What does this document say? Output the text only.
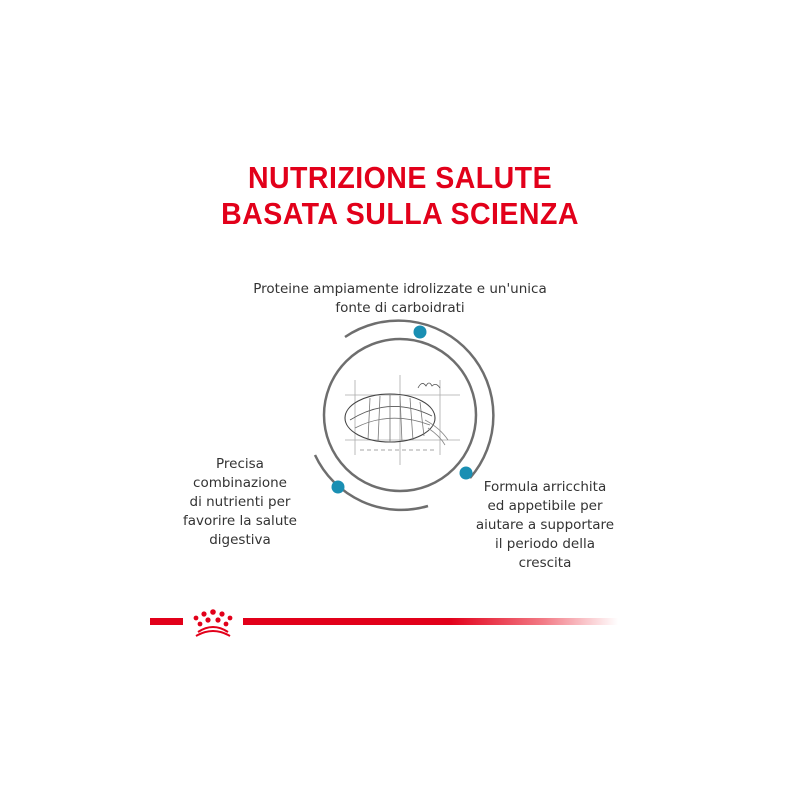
NUTRIZIONE SALUTE
BASATA SULLA SCIENZA
Proteine ampiamente idrolizzate e un'unica
fonte di carboidrati
Precisa
combinazione
di nutrienti per
favorire la salute
digestiva
Formula arricchita
ed appetibile per
aiutare a supportare
il periodo della
crescita
